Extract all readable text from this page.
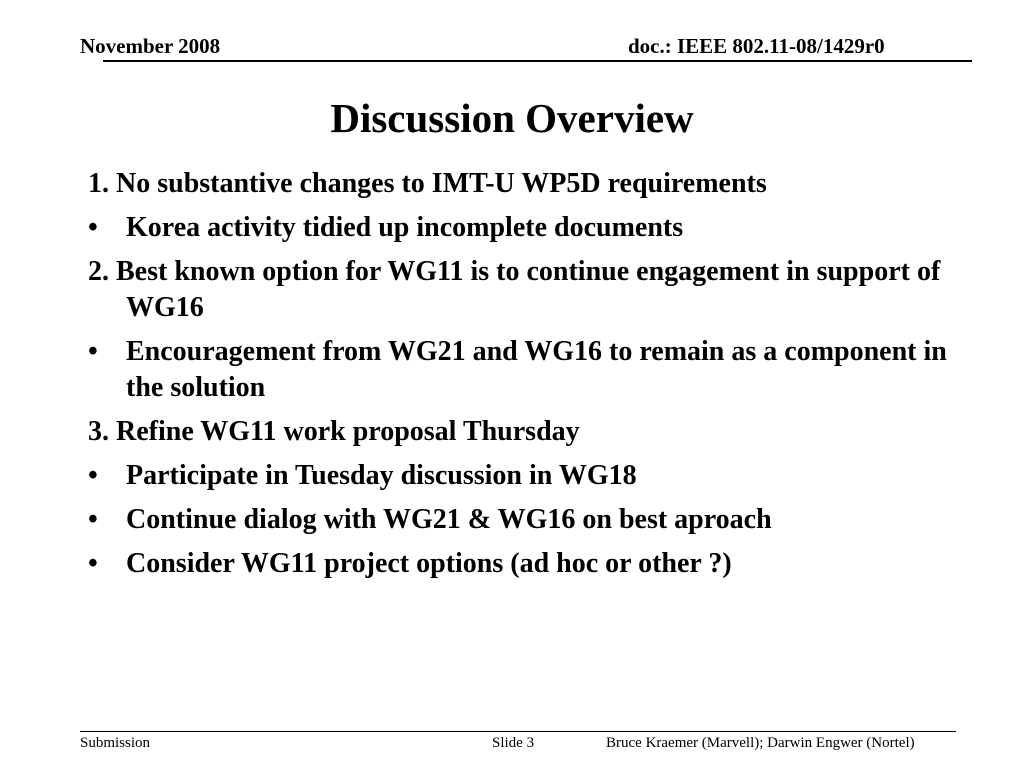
November 2008	doc.: IEEE 802.11-08/1429r0
Discussion Overview
1. No substantive changes to IMT-U WP5D requirements
•	Korea activity tidied up incomplete documents
2. Best known option for WG11 is to continue engagement in support of WG16
•	Encouragement from WG21 and WG16 to remain as a component in the solution
3. Refine WG11 work proposal Thursday
•	Participate in Tuesday discussion in WG18
•	Continue dialog with WG21 & WG16 on best aproach
•	Consider WG11 project options (ad hoc or other ?)
Submission	Slide 3	Bruce Kraemer (Marvell); Darwin Engwer (Nortel)
